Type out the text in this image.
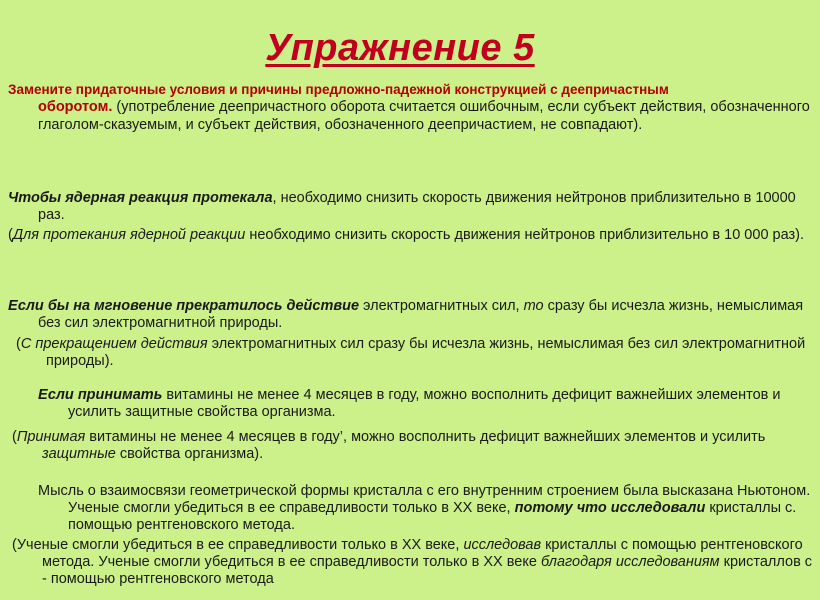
Упражнение 5
Замените придаточные условия и причины предложно-падежной конструкцией с деепричастным
оборотом. (употребление деепричастного оборота считается ошибочным, если субъект действия, обозначенного глаголом-сказуемым, и субъект действия, обозначенного деепричастием, не совпадают).
Чтобы ядерная реакция протекала, необходимо снизить скорость движения нейтронов приблизительно в 10000 раз.
(Для протекания ядерной реакции необходимо снизить скорость движения нейтронов приблизительно в 10 000 раз).
Если бы на мгновение прекратилось действие электромагнитных сил, то сразу бы исчезла жизнь, немыслимая без сил электромагнитной природы.
(С прекращением действия электромагнитных сил сразу бы исчезла жизнь, немыслимая без сил электромагнитной природы).
Если принимать витамины не менее 4 месяцев в году, можно восполнить дефицит важнейших элементов и усилить защитные свойства организма.
(Принимая витамины не менее 4 месяцев в году’, можно восполнить дефицит важнейших элементов и усилить защитные свойства организма).
Мысль о взаимосвязи геометрической формы кристалла с его внутренним строением была высказана Ньютоном. Ученые смогли убедиться в ее справедливости только в XX веке, потому что исследовали кристаллы с. помощью рентгеновского метода.
(Ученые смогли убедиться в ее справедливости только в XX веке, исследовав кристаллы с помощью рентгеновского метода. Ученые смогли убедиться в ее справедливости только в XX веке благодаря исследованиям кристаллов с - помощью рентгеновского метода
